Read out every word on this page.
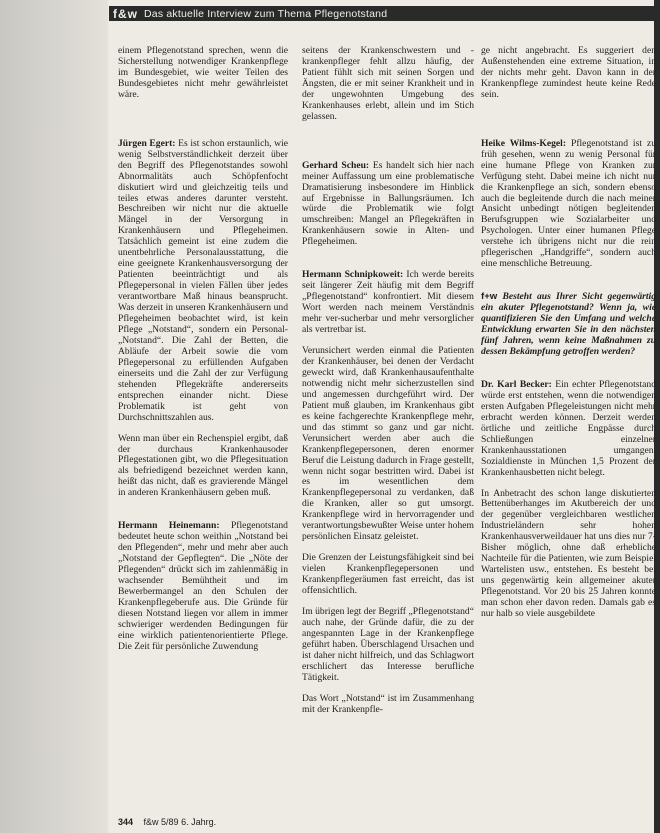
f&w Das aktuelle Interview zum Thema Pflegenotstand

einem Pflegenotstand sprechen, wenn die Sicherstellung notwendiger Krankenpflege im Bundesgebiet, wie weiter Teilen des Bundesgebietes nicht mehr gewährleistet wäre.

Jürgen Egert: Es ist schon erstaunlich, wie wenig Selbstverständlichkeit derzeit über den Begriff des Pflegenotstandes sowohl Abnormalitäts auch Schöpfenfocht diskutiert wird und gleichzeitig teils und teiles etwas anderes darunter versteht. Beschreiben wir nicht nur die aktuelle Mängel in der Versorgung in Krankenhäusern und Pflegeheimen. Tatsächlich gemeint ist eine zudem die unentbehrliche Personalausstattung, die eine geeignete Krankenhausversorgung der Patienten beeinträchtigt und als Pflegepersonal in vielen Fällen über jedes verantwortbare Maß hinaus beansprucht. Was derzeit in unseren Krankenhäusern und Pflegeheimen beobachtet wird, ist kein Pflege „Notstand“, sondern ein Personal-„Notstand“. Die Zahl der Betten, die Abläufe der Arbeit sowie die vom Pflegepersonal zu erfüllenden Aufgaben einerseits und die Zahl der zur Verfügung stehenden Pflegekräfte andererseits entsprechen einander nicht. Diese Problematik ist geht von Durchschnittszahlen aus.

Wenn man über ein Rechenspiel ergibt, daß der durchaus Krankenhausoder Pflegestationen gibt, wo die Pflegesituation als befriedigend bezeichnet werden kann, heißt das nicht, daß es gravierende Mängel in anderen Krankenhäusern geben muß.

Hermann Heinemann: Pflegenotstand bedeutet heute schon weithin „Notstand bei den Pflegenden“, mehr und mehr aber auch „Notstand der Gepflegten“. Die „Nöte der Pflegenden“ drückt sich im zahlenmäßig in wachsender Bemühtheit und im Bewerbermangel an den Schulen der Krankenpflegeberufe aus. Die Gründe für diesen Notstand liegen vor allem in immer schwieriger werdenden Bedingungen für eine wirklich patientenorientierte Pflege. Die Zeit für persönliche Zuwendung

seitens der Krankenschwestern und -krankenpfleger fehlt allzu häufig, der Patient fühlt sich mit seinen Sorgen und Ängsten, die er mit seiner Krankheit und in der ungewohnten Umgebung des Krankenhauses erlebt, allein und im Stich gelassen.

Gerhard Scheu: Es handelt sich hier nach meiner Auffassung um eine problematische Dramatisierung insbesondere im Hinblick auf Ergebnisse in Ballungsräumen. Ich würde die Problematik wie folgt umschreiben: Mangel an Pflegekräften in Krankenhäusern sowie in Alten- und Pflegeheimen.

Hermann Schnipkoweit: Ich werde bereits seit längerer Zeit häufig mit dem Begriff „Pflegenotstand“ konfrontiert. Mit diesem Wort werden nach meinem Verständnis mehr ver-sucherbar und mehr versorglicher als vertretbar ist.

Verunsichert werden einmal die Patienten der Krankenhäuser, bei denen der Verdacht geweckt wird, daß Krankenhausaufenthalte notwendig nicht mehr sicherzustellen sind und angemessen durchgeführt wird. Der Patient muß glauben, im Krankenhaus gibt es keine fachgerechte Krankenpflege mehr, und das stimmt so ganz und gar nicht. Verunsichert werden aber auch die Krankenpflegepersonen, deren enormer Beruf die Leistung dadurch in Frage gestellt, wenn nicht sogar bestritten wird. Dabei ist es im wesentlichen dem Krankenpflegepersonal zu verdanken, daß die Kranken, aller so gut umsorgt. Krankenpflege wird in hervorragender und verantwortungsbewußter Weise unter hohem persönlichen Einsatz geleistet.

Die Grenzen der Leistungsfähigkeit sind bei vielen Krankenpflegepersonen und Krankenpflegeräumen fast erreicht, das ist offensichtlich.

Im übrigen legt der Begriff „Pflegenotstand“ auch nahe, der Gründe dafür, die zu der angespannten Lage in der Krankenpflege geführt haben. Überschlagend Ursachen und ist daher nicht hilfreich, und das Schlagwort erschlichert das Interesse berufliche Tätigkeit.

Das Wort „Notstand“ ist im Zusammenhang mit der Krankenpfle-

ge nicht angebracht. Es suggeriert den Außenstehenden eine extreme Situation, in der nichts mehr geht. Davon kann in der Krankenpflege zumindest heute keine Rede sein.

Heike Wilms-Kegel: Pflegenotstand ist zu früh gesehen, wenn zu wenig Personal für eine humane Pflege von Kranken zur Verfügung steht. Dabei meine ich nicht nur die Krankenpflege an sich, sondern ebenso auch die begleitende durch die nach meiner Ansicht unbedingt nötigen begleitenden Berufsgruppen wie Sozialarbeiter und Psychologen. Unter einer humanen Pflege verstehe ich übrigens nicht nur die rein pflegerischen „Handgriffe“, sondern auch eine menschliche Betreuung.

f+w Besteht aus Ihrer Sicht gegenwärtig ein akuter Pflegenotstand? Wenn ja, wie quantifizieren Sie den Umfang und welche Entwicklung erwarten Sie in den nächsten fünf Jahren, wenn keine Maßnahmen zu dessen Bekämpfung getroffen werden?

Dr. Karl Becker: Ein echter Pflegenotstand würde erst entstehen, wenn die notwendigen ersten Aufgaben Pflegeleistungen nicht mehr erbracht werden können. Derzeit werden örtliche und zeitliche Engpässe durch Schließungen einzelner Krankenhausstationen umgangen. Sozialdienste in München 1,5 Prozent der Krankenhausbetten nicht belegt.

In Anbetracht des schon lange diskutierten Bettenüberhanges im Akutbereich der und der gegenüber vergleichbaren westlichen Industrieländern sehr hohen Krankenhausverweildauer hat uns dies nur 7- Bisher möglich, ohne daß erhebliche Nachteile für die Patienten, wie zum Beispiel Wartelisten usw., entstehen. Es besteht bei uns gegenwärtig kein allgemeiner akuter Pflegenotstand. Vor 20 bis 25 Jahren konnte man schon eher davon reden. Damals gab es nur halb so viele ausgebildete

344 f&w 5/89 6. Jahrg.
